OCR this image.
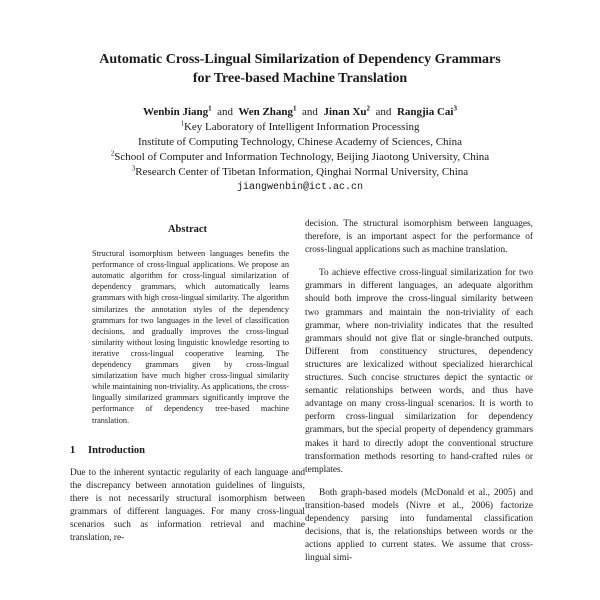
Automatic Cross-Lingual Similarization of Dependency Grammars
for Tree-based Machine Translation
Wenbin Jiang$^1$ and Wen Zhang$^1$ and Jinan Xu$^2$ and Rangjia Cai$^3$
$^1$Key Laboratory of Intelligent Information Processing
Institute of Computing Technology, Chinese Academy of Sciences, China
$^2$School of Computer and Information Technology, Beijing Jiaotong University, China
$^3$Research Center of Tibetan Information, Qinghai Normal University, China
jiangwenbin@ict.ac.cn
Abstract
Structural isomorphism between languages benefits the performance of cross-lingual applications. We propose an automatic algorithm for cross-lingual similarization of dependency grammars, which automatically learns grammars with high cross-lingual similarity. The algorithm similarizes the annotation styles of the dependency grammars for two languages in the level of classification decisions, and gradually improves the cross-lingual similarity without losing linguistic knowledge resorting to iterative cross-lingual cooperative learning. The dependency grammars given by cross-lingual similarization have much higher cross-lingual similarity while maintaining non-triviality. As applications, the cross-lingually similarized grammars significantly improve the performance of dependency tree-based machine translation.
1 Introduction

Due to the inherent syntactic regularity of each language and the discrepancy between annotation guidelines of linguists, there is not necessarily structural isomorphism between grammars of different languages. For many cross-lingual scenarios such as information retrieval and machine translation, re-

decision. The structural isomorphism between languages, therefore, is an important aspect for the performance of cross-lingual applications such as machine translation.

To achieve effective cross-lingual similarization for two grammars in different languages, an adequate algorithm should both improve the cross-lingual similarity between two grammars and maintain the non-triviality of each grammar, where non-triviality indicates that the resulted grammars should not give flat or single-branched outputs. Different from constituency structures, dependency structures are lexicalized without specialized hierarchical structures. Such concise structures depict the syntactic or semantic relationships between words, and thus have advantage on many cross-lingual scenarios. It is worth to perform cross-lingual similarization for dependency grammars, but the special property of dependency grammars makes it hard to directly adopt the conventional structure transformation methods resorting to hand-crafted rules or templates.

Both graph-based models (McDonald et al., 2005) and transition-based models (Nivre et al., 2006) factorize dependency parsing into fundamental classification decisions, that is, the relationships between words or the actions applied to current states. We assume that cross-lingual simi-
